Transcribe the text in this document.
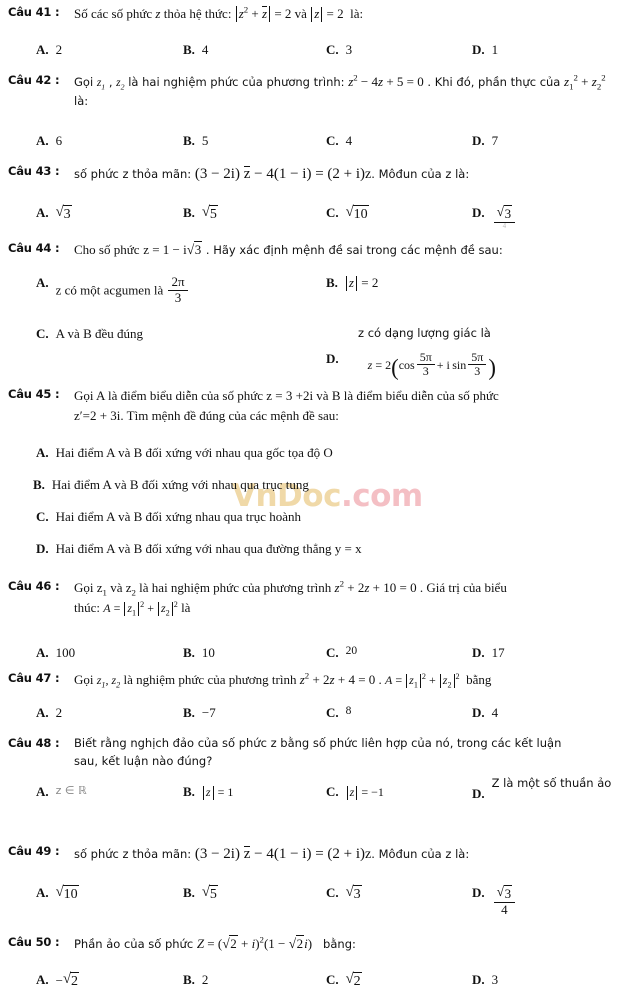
VnDoc.com
Câu 41 :	Số các số phức z thỏa hệ thức: $z^2 + z = 2$ và z = 2  là:
A. 2	B. 4	C. 3	D. 1
Câu 42 :	Gọi $z_1$ , $z_2$ là hai nghiệm phức của phương trình: $z^2 - 4z + 5 = 0$ . Khi đó, phần thực của $z_1^2 + z_2^2$
là:
A. 6	B. 5	C. 4	D. 7
Câu 43 :	số phức z thỏa mãn: (3 − 2i) z − 4(1 − i) = (2 + i)z. Môđun của z là:
A.	√ 3	B.	√ 5	C.	√ 10	D. √ $\frac{3}{4}$
Câu 44 :	Cho số phức z = 1 − i √ 3 . Hãy xác định mệnh đề sai trong các mệnh đề sau:
A. z có một acgumen là $\frac{2\pi}{3}$	B. z = 2
C. A và B đều đúng	z có dạng lượng giác là
D. $z = 2(\cos \frac{5\pi}{3} + i$ $\sin \frac{5\pi}{3}$ )
Câu 45 :	Gọi A là điểm biểu diễn của số phức z = 3 +2i và B là điểm biểu diễn của số phức
z′=2 + 3i. Tìm mệnh đề đúng của các mệnh đề sau:
A. Hai điểm A và B đối xứng với nhau qua gốc tọa độ O
B. Hai điểm A và B đối xứng với nhau qua trục tung
C. Hai điểm A và B đối xứng nhau qua trục hoành
D. Hai điểm A và B đối xứng với nhau qua đường thẳng y = x
Câu 46 :	Gọi $z_1$ và $z_2$ là hai nghiệm phức của phương trình $z^2 + 2z + 10 = 0$ . Giá trị của biểu
thúc: $A = z_1^2 + z_2^2$ là
A. 100	B. 10	C. 20	D. 17
Câu 47 :	Gọi $z_1$, $z_2$ là nghiệm phức của phương trình $z^2 + 2z + 4 = 0$ . $A = z_1^2 + z_2^2$  bằng
A. 2	B. −7	C. 8	D. 4
Câu 48 :	Biết rằng nghịch đảo của số phức z bằng số phức liên hợp của nó, trong các kết luận
sau, kết luận nào đúng?
A. z ∈ ℝ	B. z = 1	C. z = −1	D.
Z là một số thuần ảo
Câu 49 :	số phức z thỏa mãn: (3 − 2i) z − 4(1 − i) = (2 + i)z. Môđun của z là:
A.	√ 10	B.	√ 5	C.	√ 3	D. √ $\frac{3}{4}$
Câu 50 :	Phần ảo của số phức Z = ( √ 2 + i)$^2$(1 − √ 2i)   bằng:
A. − √ 2	B. 2	C.	√ 2	D. 3
